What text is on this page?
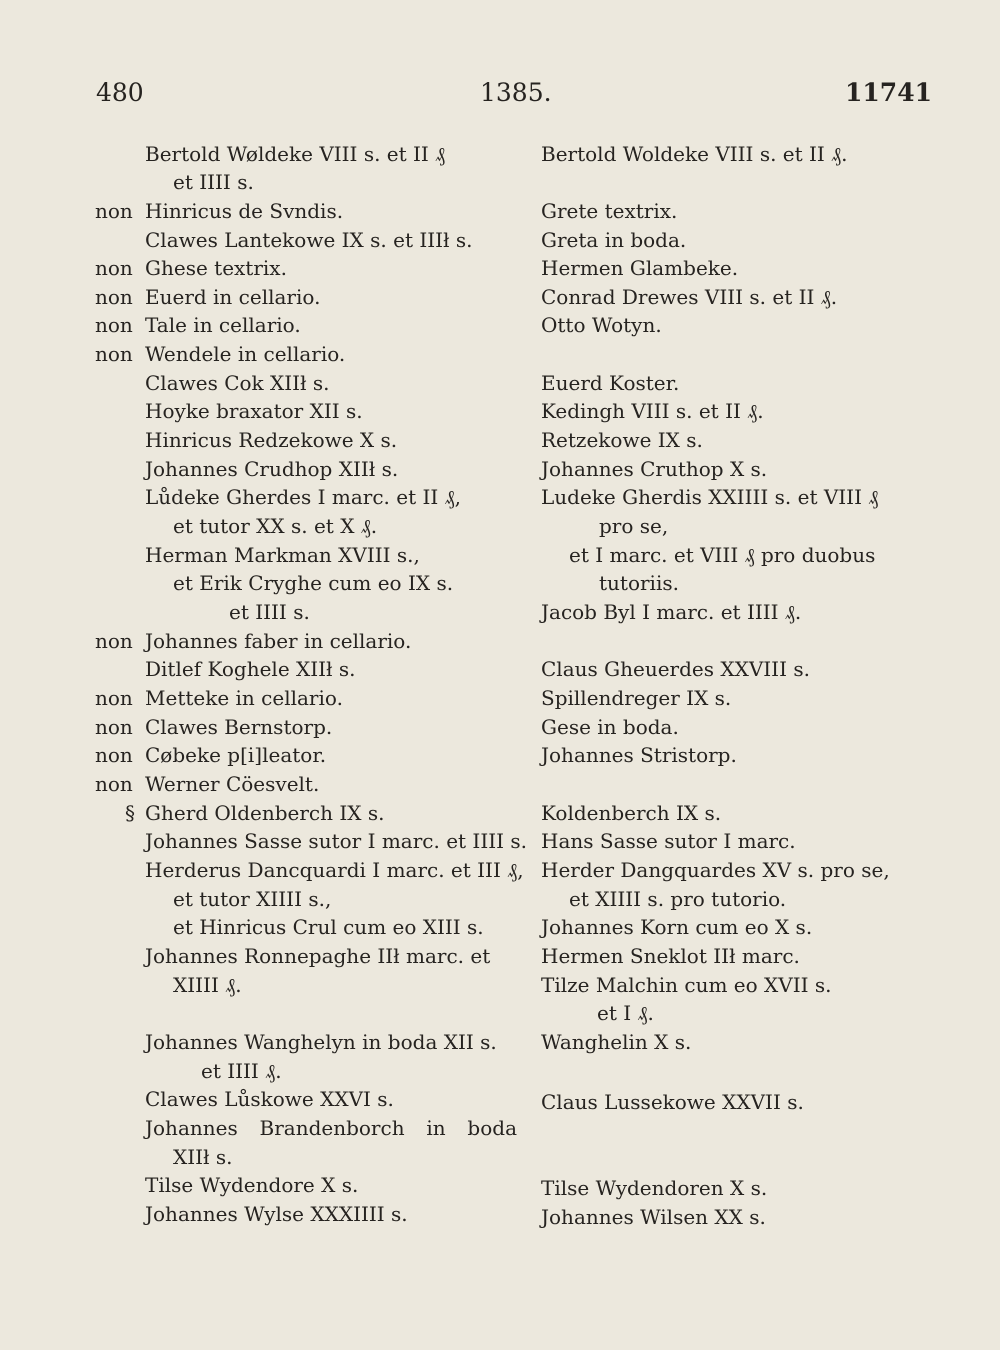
480	1385.	11741
Bertold Wøldeke VIII s. et II ₰
et IIII s.
non Hinricus de Svndis.
Clawes Lantekowe IX s. et IIIł s.
non Ghese textrix.
non Euerd in cellario.
non Tale in cellario.
non Wendele in cellario.
Clawes Cok XIIł s.
Hoyke braxator XII s.
Hinricus Redzekowe X s.
Johannes Crudhop XIIł s.
Lůdeke Gherdes I marc. et II ₰,
et tutor XX s. et X ₰.
Herman Markman XVIII s.,
et Erik Cryghe cum eo IX s.
et IIII s.
non Johannes faber in cellario.
Ditlef Koghele XIIł s.
non Metteke in cellario.
non Clawes Bernstorp.
non Cøbeke p[i]leator.
non Werner Cöesvelt.
§ Gherd Oldenberch IX s.
Johannes Sasse sutor I marc. et IIII s.
Herderus Dancquardi I marc. et III ₰,
et tutor XIIII s.,
et Hinricus Crul cum eo XIII s.
Johannes Ronnepaghe IIł marc. et
XIIII ₰.
Johannes Wanghelyn in boda XII s.
et IIII ₰.
Clawes Lůskowe XXVI s.
Johannes Brandenborch in boda
XIIł s.
Tilse Wydendore X s.
Johannes Wylse XXXIIII s.
Bertold Woldeke VIII s. et II ₰.
Grete textrix.
Greta in boda.
Hermen Glambeke.
Conrad Drewes VIII s. et II ₰.
Otto Wotyn.
Euerd Koster.
Kedingh VIII s. et II ₰.
Retzekowe IX s.
Johannes Cruthop X s.
Ludeke Gherdis XXIIII s. et VIII ₰
pro se,
et I marc. et VIII ₰ pro duobus
tutoriis.
Jacob Byl I marc. et IIII ₰.
Claus Gheuerdes XXVIII s.
Spillendreger IX s.
Gese in boda.
Johannes Stristorp.
Koldenberch IX s.
Hans Sasse sutor I marc.
Herder Dangquardes XV s. pro se,
et XIIII s. pro tutorio.
Johannes Korn cum eo X s.
Hermen Sneklot IIł marc.
Tilze Malchin cum eo XVII s.
et I ₰.
Wanghelin X s.
Claus Lussekowe XXVII s.
Tilse Wydendoren X s.
Johannes Wilsen XX s.
